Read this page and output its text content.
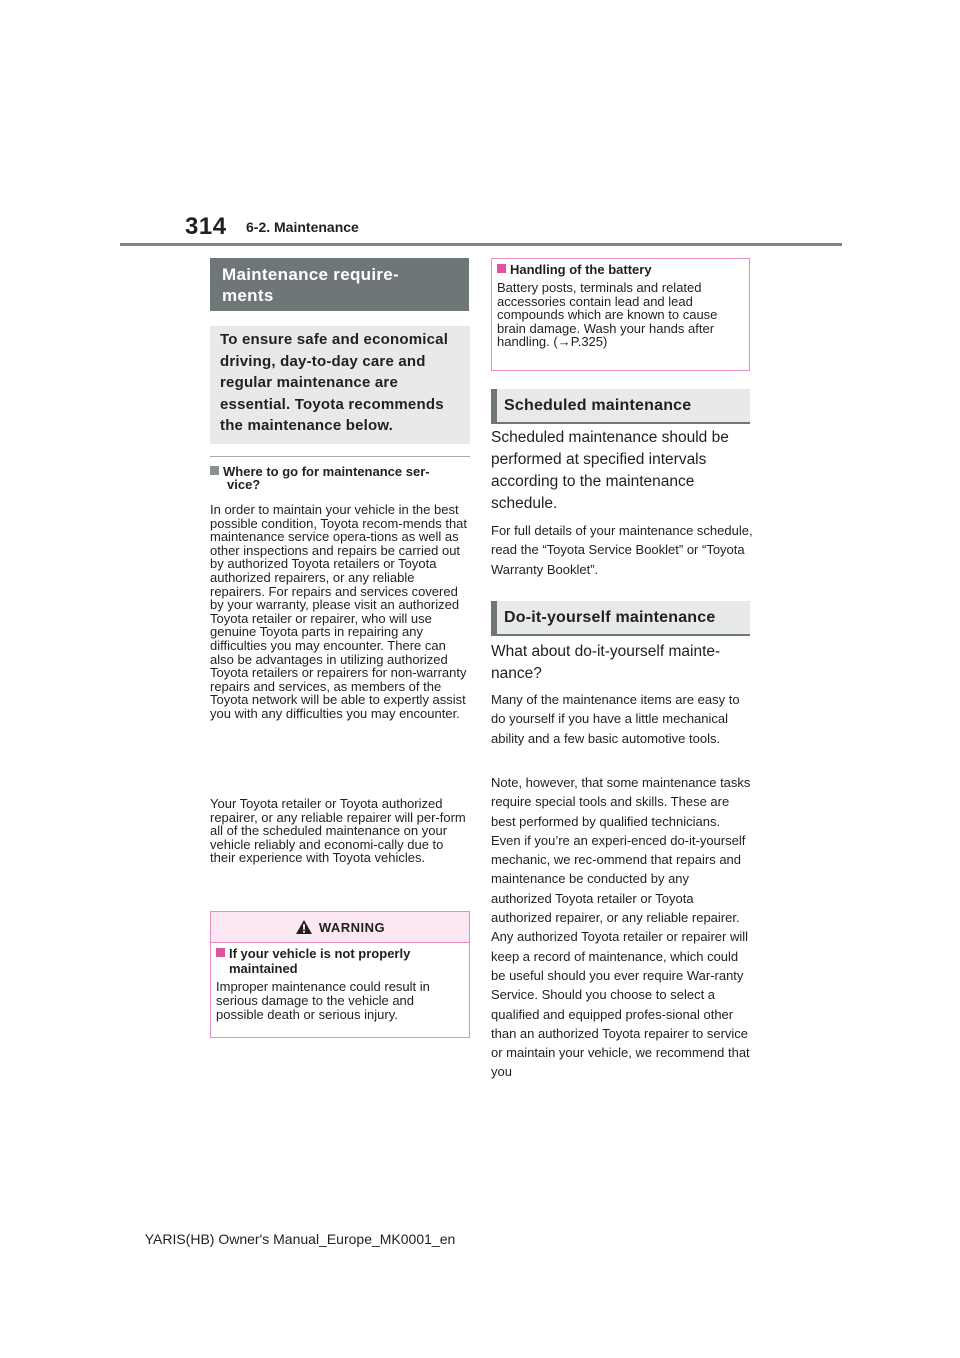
314 6-2. Maintenance
Maintenance require-
ments
To ensure safe and economical driving, day-to-day care and regular maintenance are essential. Toyota recommends the maintenance below.
Where to go for maintenance ser-
vice?
In order to maintain your vehicle in the best possible condition, Toyota recom-mends that maintenance service opera-tions as well as other inspections and repairs be carried out by authorized Toyota retailers or Toyota authorized repairers, or any reliable repairers. For repairs and services covered by your warranty, please visit an authorized Toyota retailer or repairer, who will use genuine Toyota parts in repairing any difficulties you may encounter. There can also be advantages in utilizing authorized Toyota retailers or repairers for non-warranty repairs and services, as members of the Toyota network will be able to expertly assist you with any difficulties you may encounter.
Your Toyota retailer or Toyota authorized repairer, or any reliable repairer will per-form all of the scheduled maintenance on your vehicle reliably and economi-cally due to their experience with Toyota vehicles.
WARNING
If your vehicle is not properly
maintained
Improper maintenance could result in serious damage to the vehicle and possible death or serious injury.
Handling of the battery
Battery posts, terminals and related accessories contain lead and lead compounds which are known to cause brain damage. Wash your hands after handling. (→P.325)
Scheduled maintenance
Scheduled maintenance should be performed at specified intervals according to the maintenance schedule.
For full details of your maintenance schedule, read the “Toyota Service Booklet” or “Toyota Warranty Booklet”.
Do-it-yourself maintenance
What about do-it-yourself mainte-nance?
Many of the maintenance items are easy to do yourself if you have a little mechanical ability and a few basic automotive tools.
Note, however, that some maintenance tasks require special tools and skills. These are best performed by qualified technicians. Even if you’re an experi-enced do-it-yourself mechanic, we rec-ommend that repairs and maintenance be conducted by any authorized Toyota retailer or Toyota authorized repairer, or any reliable repairer. Any authorized Toyota retailer or repairer will keep a record of maintenance, which could be useful should you ever require War-ranty Service. Should you choose to select a qualified and equipped profes-sional other than an authorized Toyota repairer to service or maintain your vehicle, we recommend that you
YARIS(HB) Owner's Manual_Europe_MK0001_en
